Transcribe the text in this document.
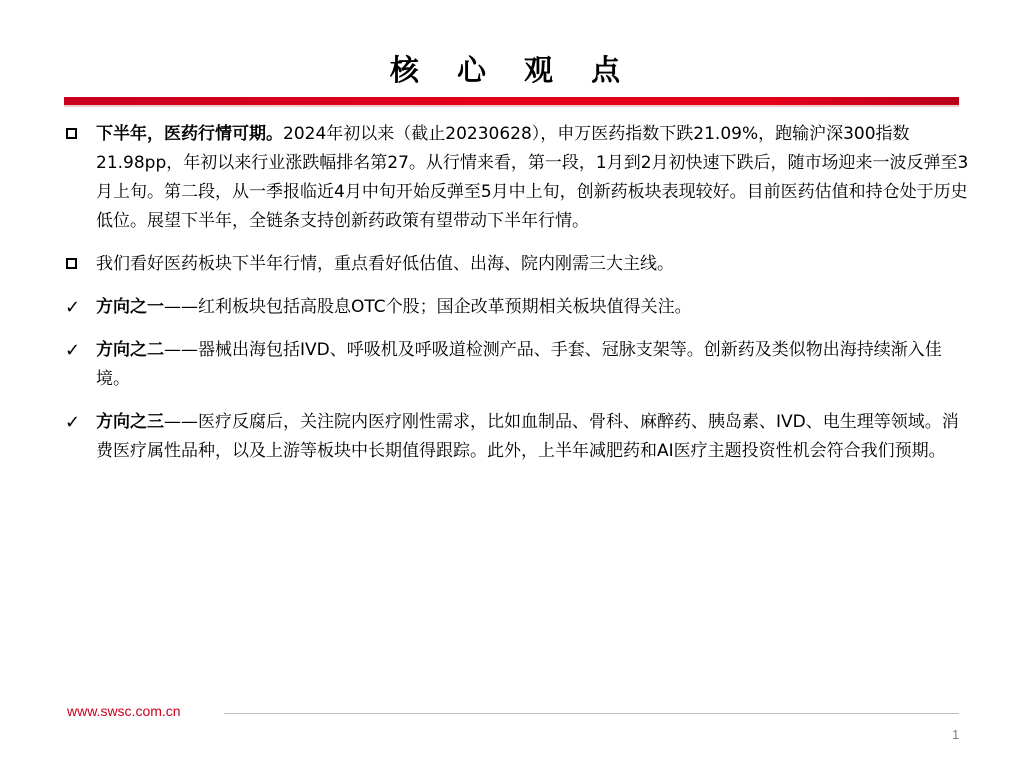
核 心 观 点
下半年，医药行情可期。2024年初以来（截止20230628），申万医药指数下跌21.09%，跑输沪深300指数21.98pp，年初以来行业涨跌幅排名第27。从行情来看，第一段，1月到2月初快速下跌后，随市场迎来一波反弹至3月上旬。第二段，从一季报临近4月中旬开始反弹至5月中上旬，创新药板块表现较好。目前医药估值和持仓处于历史低位。展望下半年，全链条支持创新药政策有望带动下半年行情。
我们看好医药板块下半年行情，重点看好低估值、出海、院内刚需三大主线。
✓ 方向之一——红利板块包括高股息OTC个股；国企改革预期相关板块值得关注。
✓ 方向之二——器械出海包括IVD、呼吸机及呼吸道检测产品、手套、冠脉支架等。创新药及类似物出海持续渐入佳境。
✓ 方向之三——医疗反腐后，关注院内医疗刚性需求，比如血制品、骨科、麻醉药、胰岛素、IVD、电生理等领域。消费医疗属性品种，以及上游等板块中长期值得跟踪。此外，上半年减肥药和AI医疗主题投资性机会符合我们预期。
www.swsc.com.cn
1
